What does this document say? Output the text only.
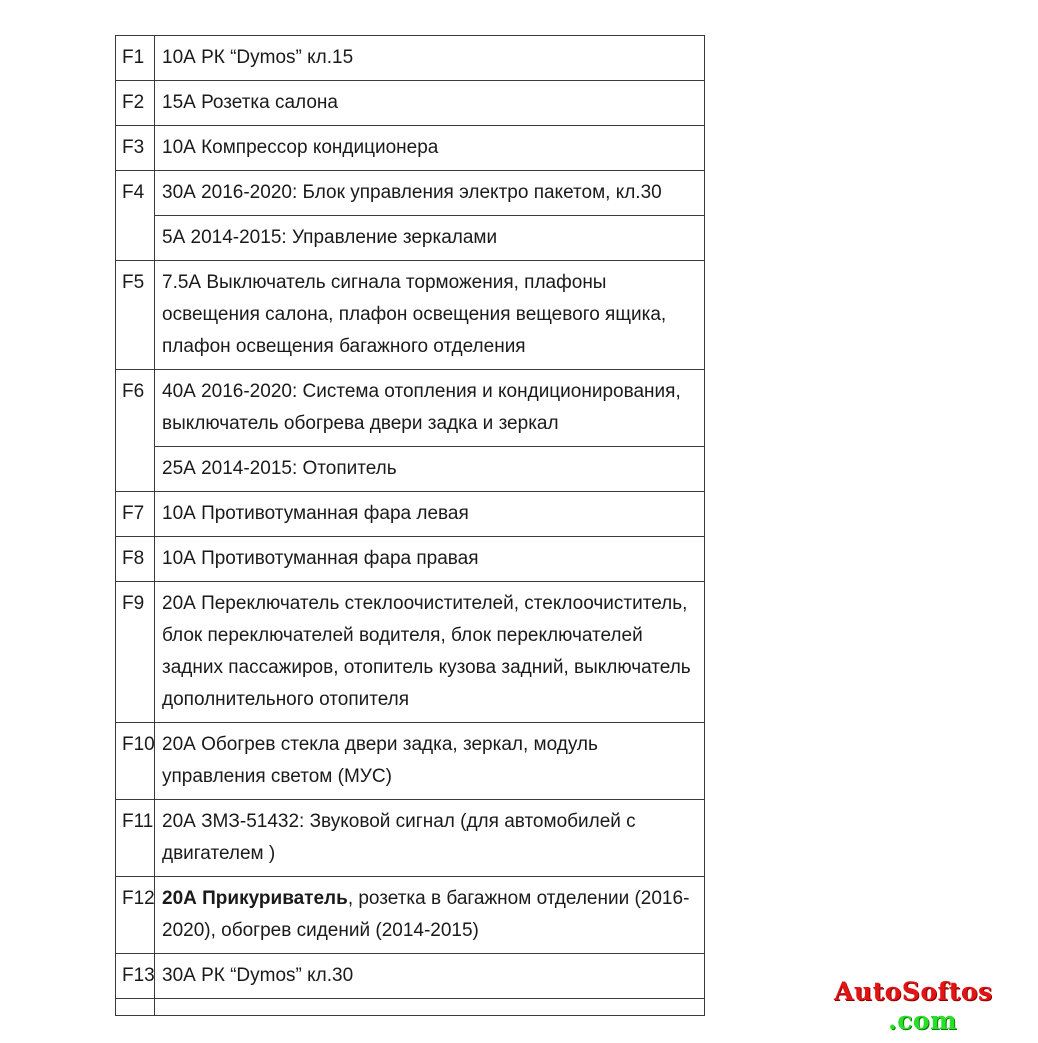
F1	10А РК “Dymos” кл.15
F2	15А Розетка салона
F3	10А Компрессор кондиционера
F4	30А 2016-2020: Блок управления электро пакетом, кл.30
	5А 2014-2015: Управление зеркалами
F5	7.5А Выключатель сигнала торможения, плафоны освещения салона, плафон освещения вещевого ящика, плафон освещения багажного отделения
F6	40А 2016-2020: Система отопления и кондиционирования, выключатель обогрева двери задка и зеркал
	25А 2014-2015: Отопитель
F7	10А Противотуманная фара левая
F8	10А Противотуманная фара правая
F9	20А Переключатель стеклоочистителей, стеклоочиститель, блок переключателей водителя, блок переключателей задних пассажиров, отопитель кузова задний, выключатель дополнительного отопителя
F10	20А Обогрев стекла двери задка, зеркал, модуль управления светом (МУС)
F11	20А ЗМЗ-51432: Звуковой сигнал (для автомобилей с двигателем )
F12	20А Прикуриватель, розетка в багажном отделении (2016-2020), обогрев сидений (2014-2015)
F13	30А РК “Dymos” кл.30

AutoSoftos
.com
